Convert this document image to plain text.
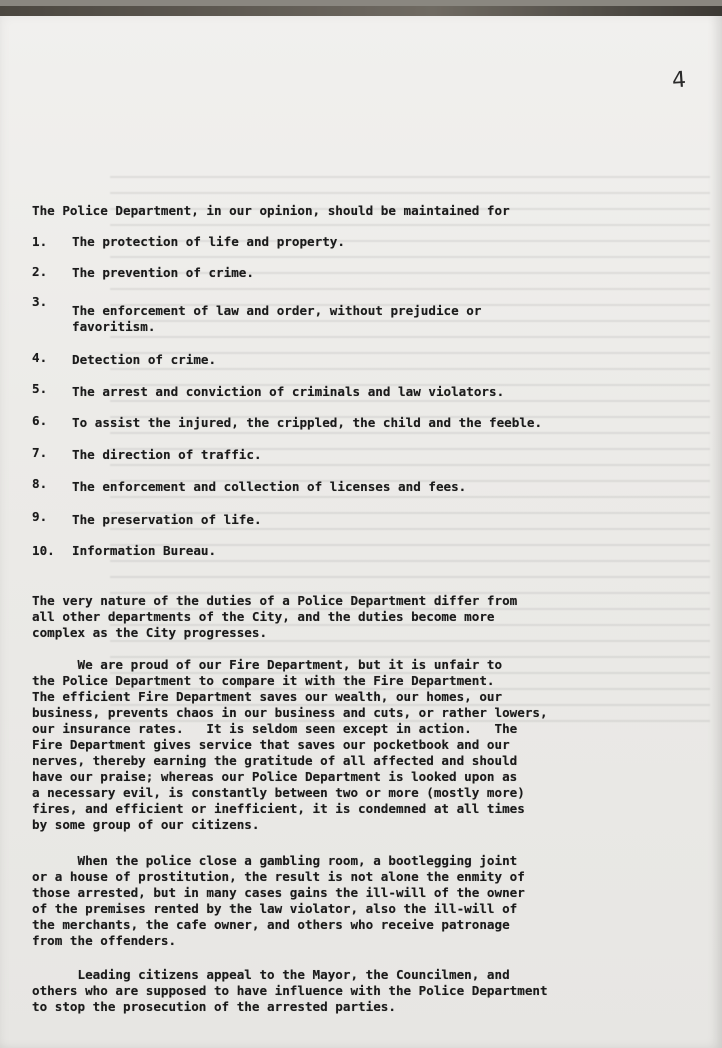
4
The Police Department, in our opinion, should be maintained for
1. The protection of life and property.
2. The prevention of crime.
3.
The enforcement of law and order, without prejudice or
favoritism.
4. Detection of crime.
5. The arrest and conviction of criminals and law violators.
6. To assist the injured, the crippled, the child and the feeble.
7. The direction of traffic.
8. The enforcement and collection of licenses and fees.
9. The preservation of life.
10. Information Bureau.
The very nature of the duties of a Police Department differ from
all other departments of the City, and the duties become more
complex as the City progresses.
We are proud of our Fire Department, but it is unfair to
the Police Department to compare it with the Fire Department.
The efficient Fire Department saves our wealth, our homes, our
business, prevents chaos in our business and cuts, or rather lowers,
our insurance rates.   It is seldom seen except in action.   The
Fire Department gives service that saves our pocketbook and our
nerves, thereby earning the gratitude of all affected and should
have our praise; whereas our Police Department is looked upon as
a necessary evil, is constantly between two or more (mostly more)
fires, and efficient or inefficient, it is condemned at all times
by some group of our citizens.
When the police close a gambling room, a bootlegging joint
or a house of prostitution, the result is not alone the enmity of
those arrested, but in many cases gains the ill-will of the owner
of the premises rented by the law violator, also the ill-will of
the merchants, the cafe owner, and others who receive patronage
from the offenders.
Leading citizens appeal to the Mayor, the Councilmen, and
others who are supposed to have influence with the Police Department
to stop the prosecution of the arrested parties.
